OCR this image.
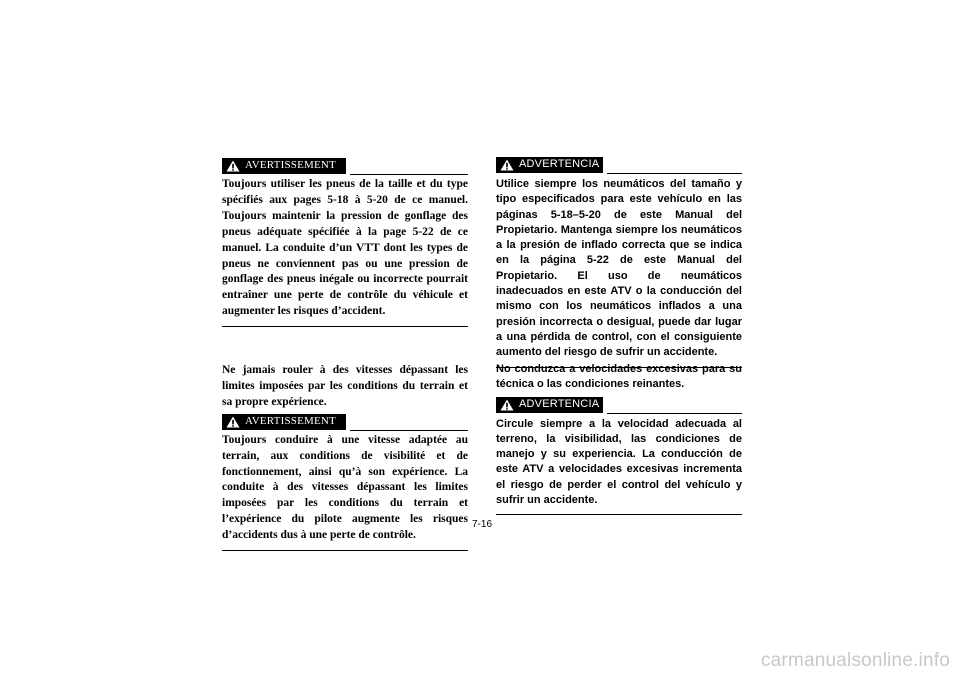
AVERTISSEMENT

Toujours utiliser les pneus de la taille et du type spécifiés aux pages 5-18 à 5-20 de ce manuel. Toujours maintenir la pression de gonflage des pneus adéquate spécifiée à la page 5-22 de ce manuel. La conduite d’un VTT dont les types de pneus ne conviennent pas ou une pression de gonflage des pneus inégale ou incorrecte pourrait entraîner une perte de contrôle du véhicule et augmenter les risques d’accident.

Ne jamais rouler à des vitesses dépassant les limites imposées par les conditions du terrain et sa propre expérience.

AVERTISSEMENT

Toujours conduire à une vitesse adaptée au terrain, aux conditions de visibilité et de fonctionnement, ainsi qu’à son expérience. La conduite à des vitesses dépassant les limites imposées par les conditions du terrain et l’expérience du pilote augmente les risques d’accidents dus à une perte de contrôle.

ADVERTENCIA

Utilice siempre los neumáticos del tamaño y tipo especificados para este vehículo en las páginas 5-18–5-20 de este Manual del Propietario. Mantenga siempre los neumáticos a la presión de inflado correcta que se indica en la página 5-22 de este Manual del Propietario. El uso de neumáticos inadecuados en este ATV o la conducción del mismo con los neumáticos inflados a una presión incorrecta o desigual, puede dar lugar a una pérdida de control, con el consiguiente aumento del riesgo de sufrir un accidente.

No conduzca a velocidades excesivas para su técnica o las condiciones reinantes.

ADVERTENCIA

Circule siempre a la velocidad adecuada al terreno, la visibilidad, las condiciones de manejo y su experiencia. La conducción de este ATV a velocidades excesivas incrementa el riesgo de perder el control del vehículo y sufrir un accidente.

7-16
carmanualsonline.info
